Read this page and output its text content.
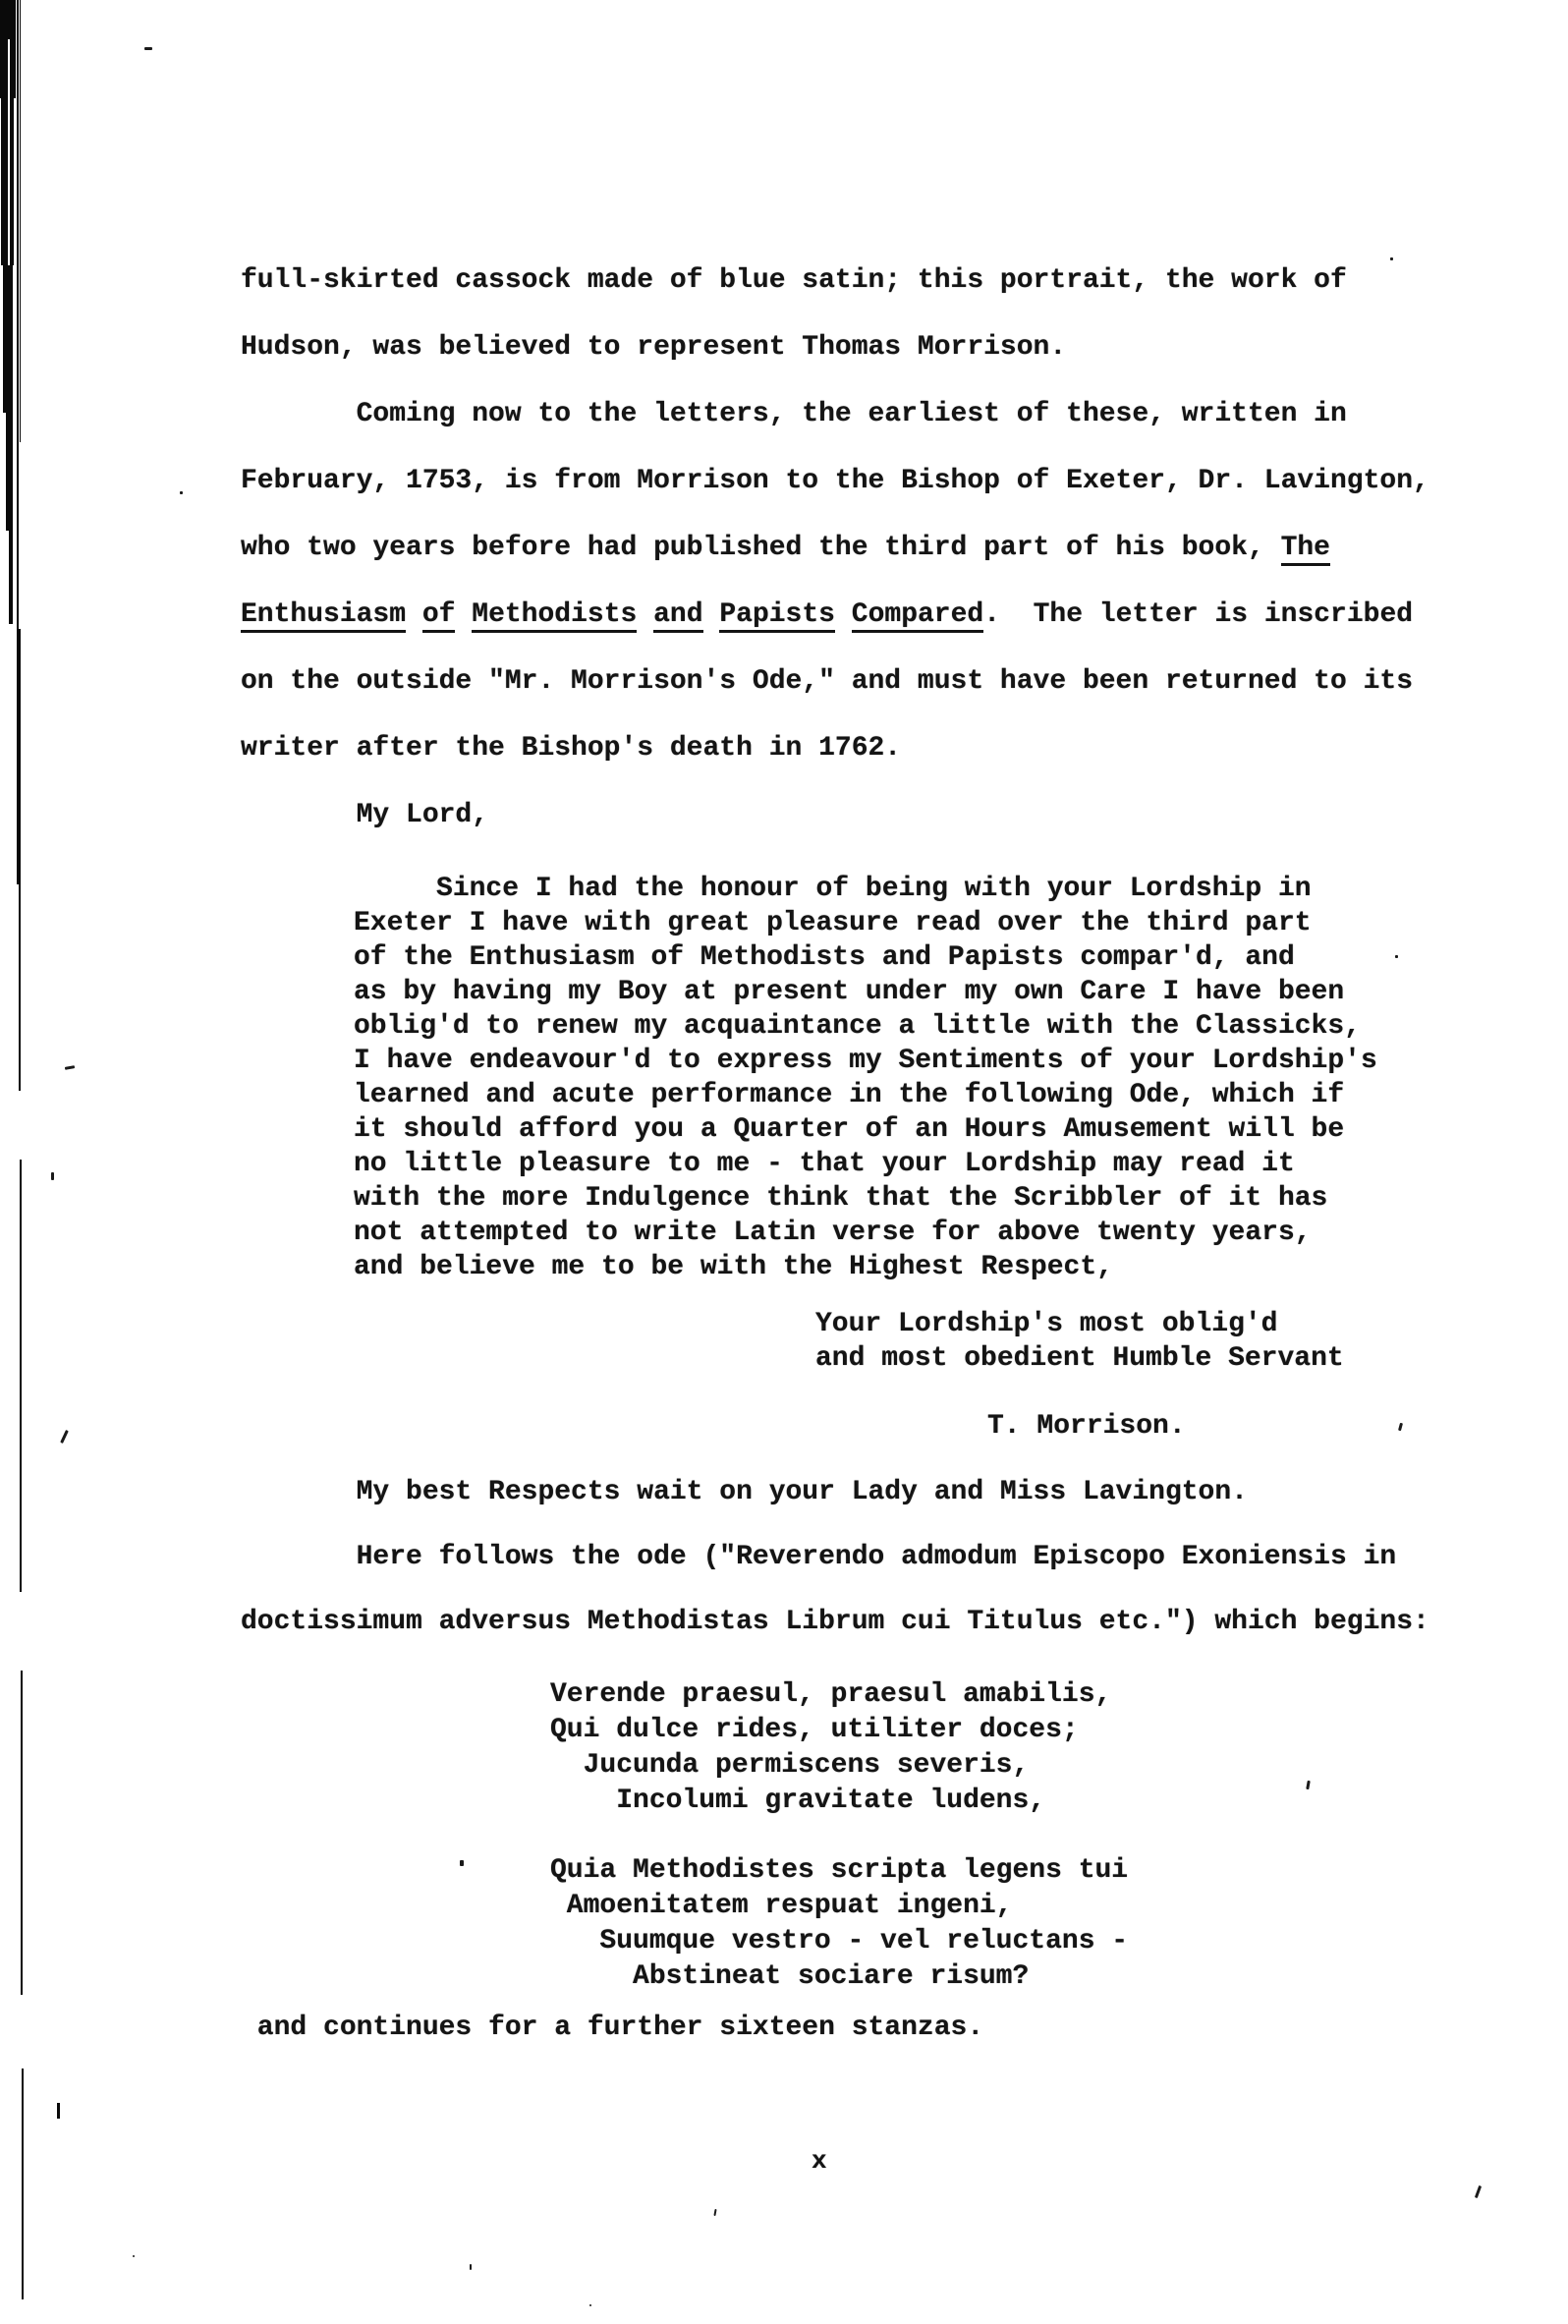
full-skirted cassock made of blue satin; this portrait, the work of
Hudson, was believed to represent Thomas Morrison.
Coming now to the letters, the earliest of these, written in
February, 1753, is from Morrison to the Bishop of Exeter, Dr. Lavington,
who two years before had published the third part of his book, The
Enthusiasm of Methodists and Papists Compared.  The letter is inscribed
on the outside "Mr. Morrison's Ode," and must have been returned to its
writer after the Bishop's death in 1762.
My Lord,
Since I had the honour of being with your Lordship in
Exeter I have with great pleasure read over the third part
of the Enthusiasm of Methodists and Papists compar'd, and
as by having my Boy at present under my own Care I have been
oblig'd to renew my acquaintance a little with the Classicks,
I have endeavour'd to express my Sentiments of your Lordship's
learned and acute performance in the following Ode, which if
it should afford you a Quarter of an Hours Amusement will be
no little pleasure to me - that your Lordship may read it
with the more Indulgence think that the Scribbler of it has
not attempted to write Latin verse for above twenty years,
and believe me to be with the Highest Respect,
Your Lordship's most oblig'd
and most obedient Humble Servant
T. Morrison.
My best Respects wait on your Lady and Miss Lavington.
Here follows the ode ("Reverendo admodum Episcopo Exoniensis in
doctissimum adversus Methodistas Librum cui Titulus etc.") which begins:
Verende praesul, praesul amabilis,
Qui dulce rides, utiliter doces;
Jucunda permiscens severis,
Incolumi gravitate ludens,
Quia Methodistes scripta legens tui
Amoenitatem respuat ingeni,
Suumque vestro - vel reluctans -
Abstineat sociare risum?
and continues for a further sixteen stanzas.
x
